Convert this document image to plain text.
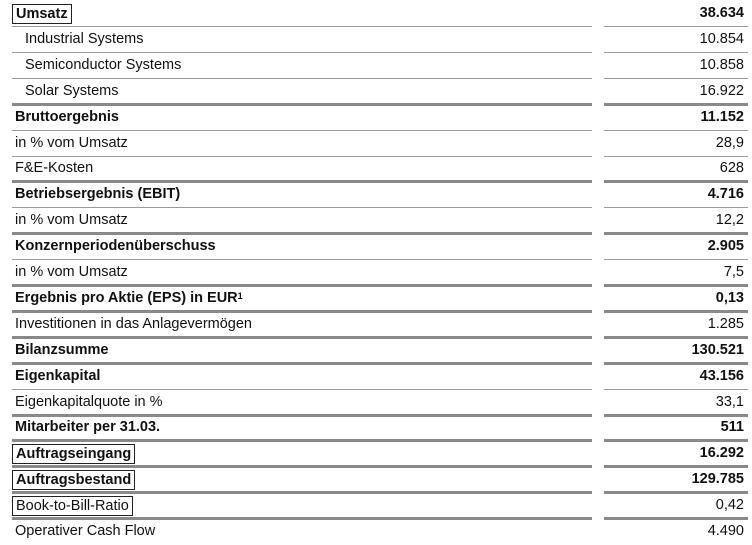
Umsatz	38.634
Industrial Systems	10.854
Semiconductor Systems	10.858
Solar Systems	16.922
Bruttoergebnis	11.152
in % vom Umsatz	28,9
F&E-Kosten	628
Betriebsergebnis (EBIT)	4.716
in % vom Umsatz	12,2
Konzernperiodenüberschuss	2.905
in % vom Umsatz	7,5
Ergebnis pro Aktie (EPS) in EUR$^1$	0,13
Investitionen in das Anlagevermögen	1.285
Bilanzsumme	130.521
Eigenkapital	43.156
Eigenkapitalquote in %	33,1
Mitarbeiter per 31.03.	511
Auftragseingang	16.292
Auftragsbestand	129.785
Book-to-Bill-Ratio	0,42
Operativer Cash Flow	4.490
